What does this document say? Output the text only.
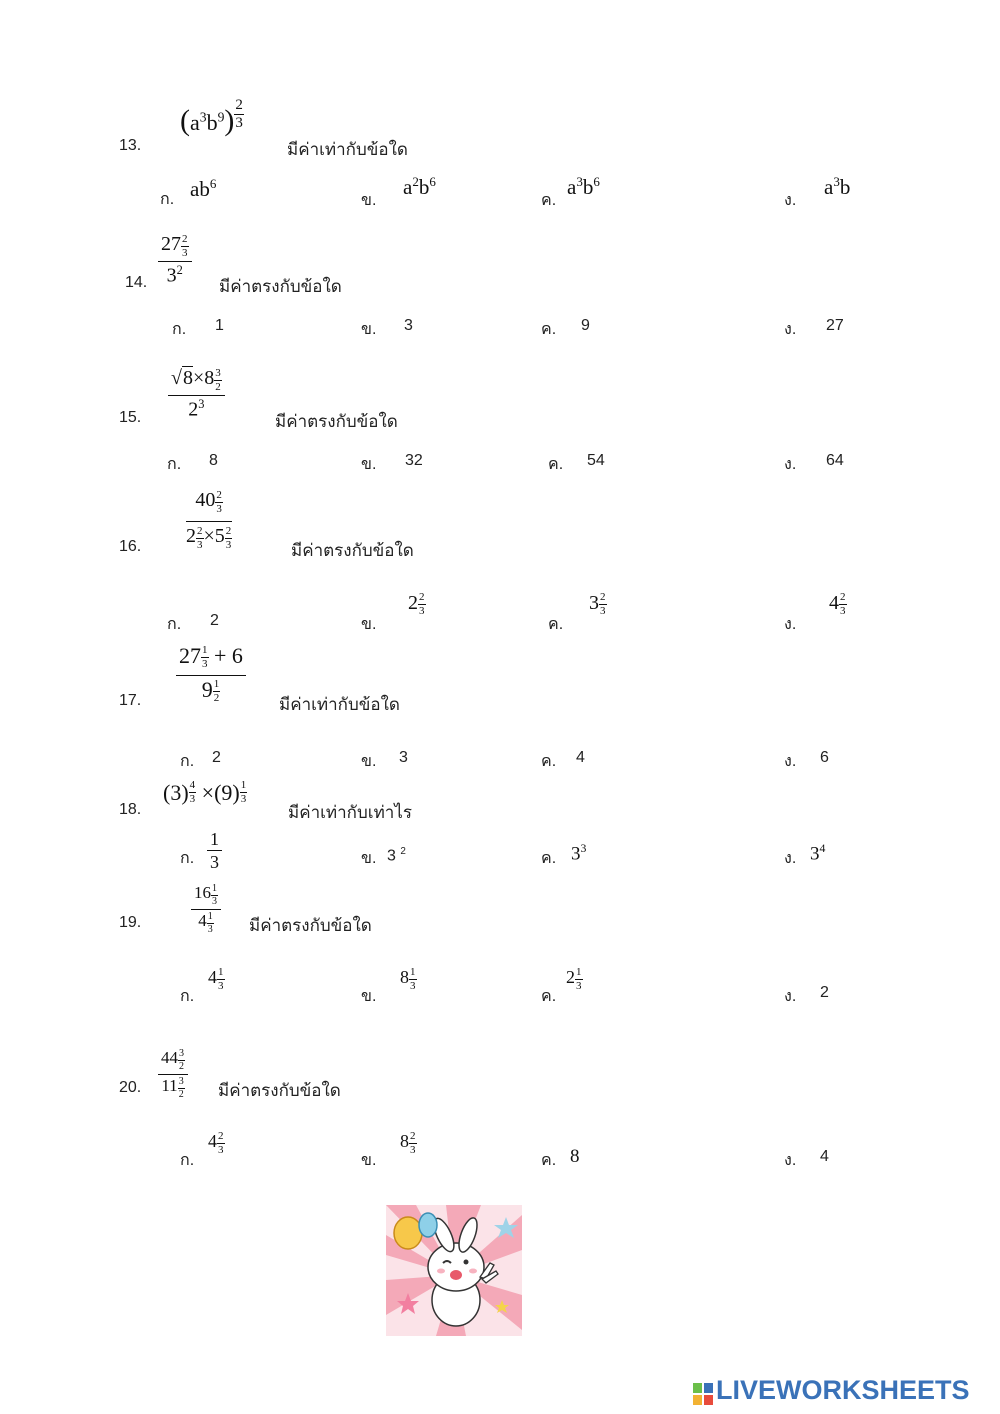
13.
$(a^3b^9) \frac{2}{3}$
มีค่าเท่ากับข้อใด
ก. $ab^6$
ข.
$a^2b^6$
ค.
$a^3b^6$
ง.
$a^3b$
14. $\frac{27 \frac{2}{3}}{3^2}$
มีค่าตรงกับข้อใด
ก. 1	ข. 3	ค. 9	ง. 27
15. $\frac{√8\times 8 \frac{3}{2}}{2^3}$
มีค่าตรงกับข้อใด
ก. 8	ข. 32	ค. 54	ง. 64
16. $\frac{40 \frac{2}{3}}{2 \frac{2}{3} \times 5 \frac{2}{3}}$	มีค่าตรงกับข้อใด
ก. 2	ข.
$2 \frac{2}{3}$
ค.
$3 \frac{2}{3}$
ง.
$4 \frac{2}{3}$
17. $\frac{27 \frac{1}{3} + 6}{9 \frac{1}{2}}$
มีค่าเท่ากับข้อใด
ก. 2	ข. 3	ค. 4	ง. 6
18.
$(3) \frac{4}{3} \times(9) \frac{1}{3}$
มีค่าเท่ากับเท่าไร
ก. $\frac{1}{3}$	ข. 3 $^2$	ค. $3^3$
ง. $3^4$
19.	$\frac{16 \frac{1}{3}}{4 \frac{1}{3}}$ มีค่าตรงกับข้อใด
ก.
$4 \frac{1}{3}$
ข.
$8 \frac{1}{3}$
ค.
$2 \frac{1}{3}$
ง. 2
20. $\frac{44 \frac{3}{2}}{11 \frac{3}{2}}$ มีค่าตรงกับข้อใด
ก.
$4 \frac{2}{3}$
ข.
$8 \frac{2}{3}$
ค. 8	ง. 4
LIVEWORKSHEETS
